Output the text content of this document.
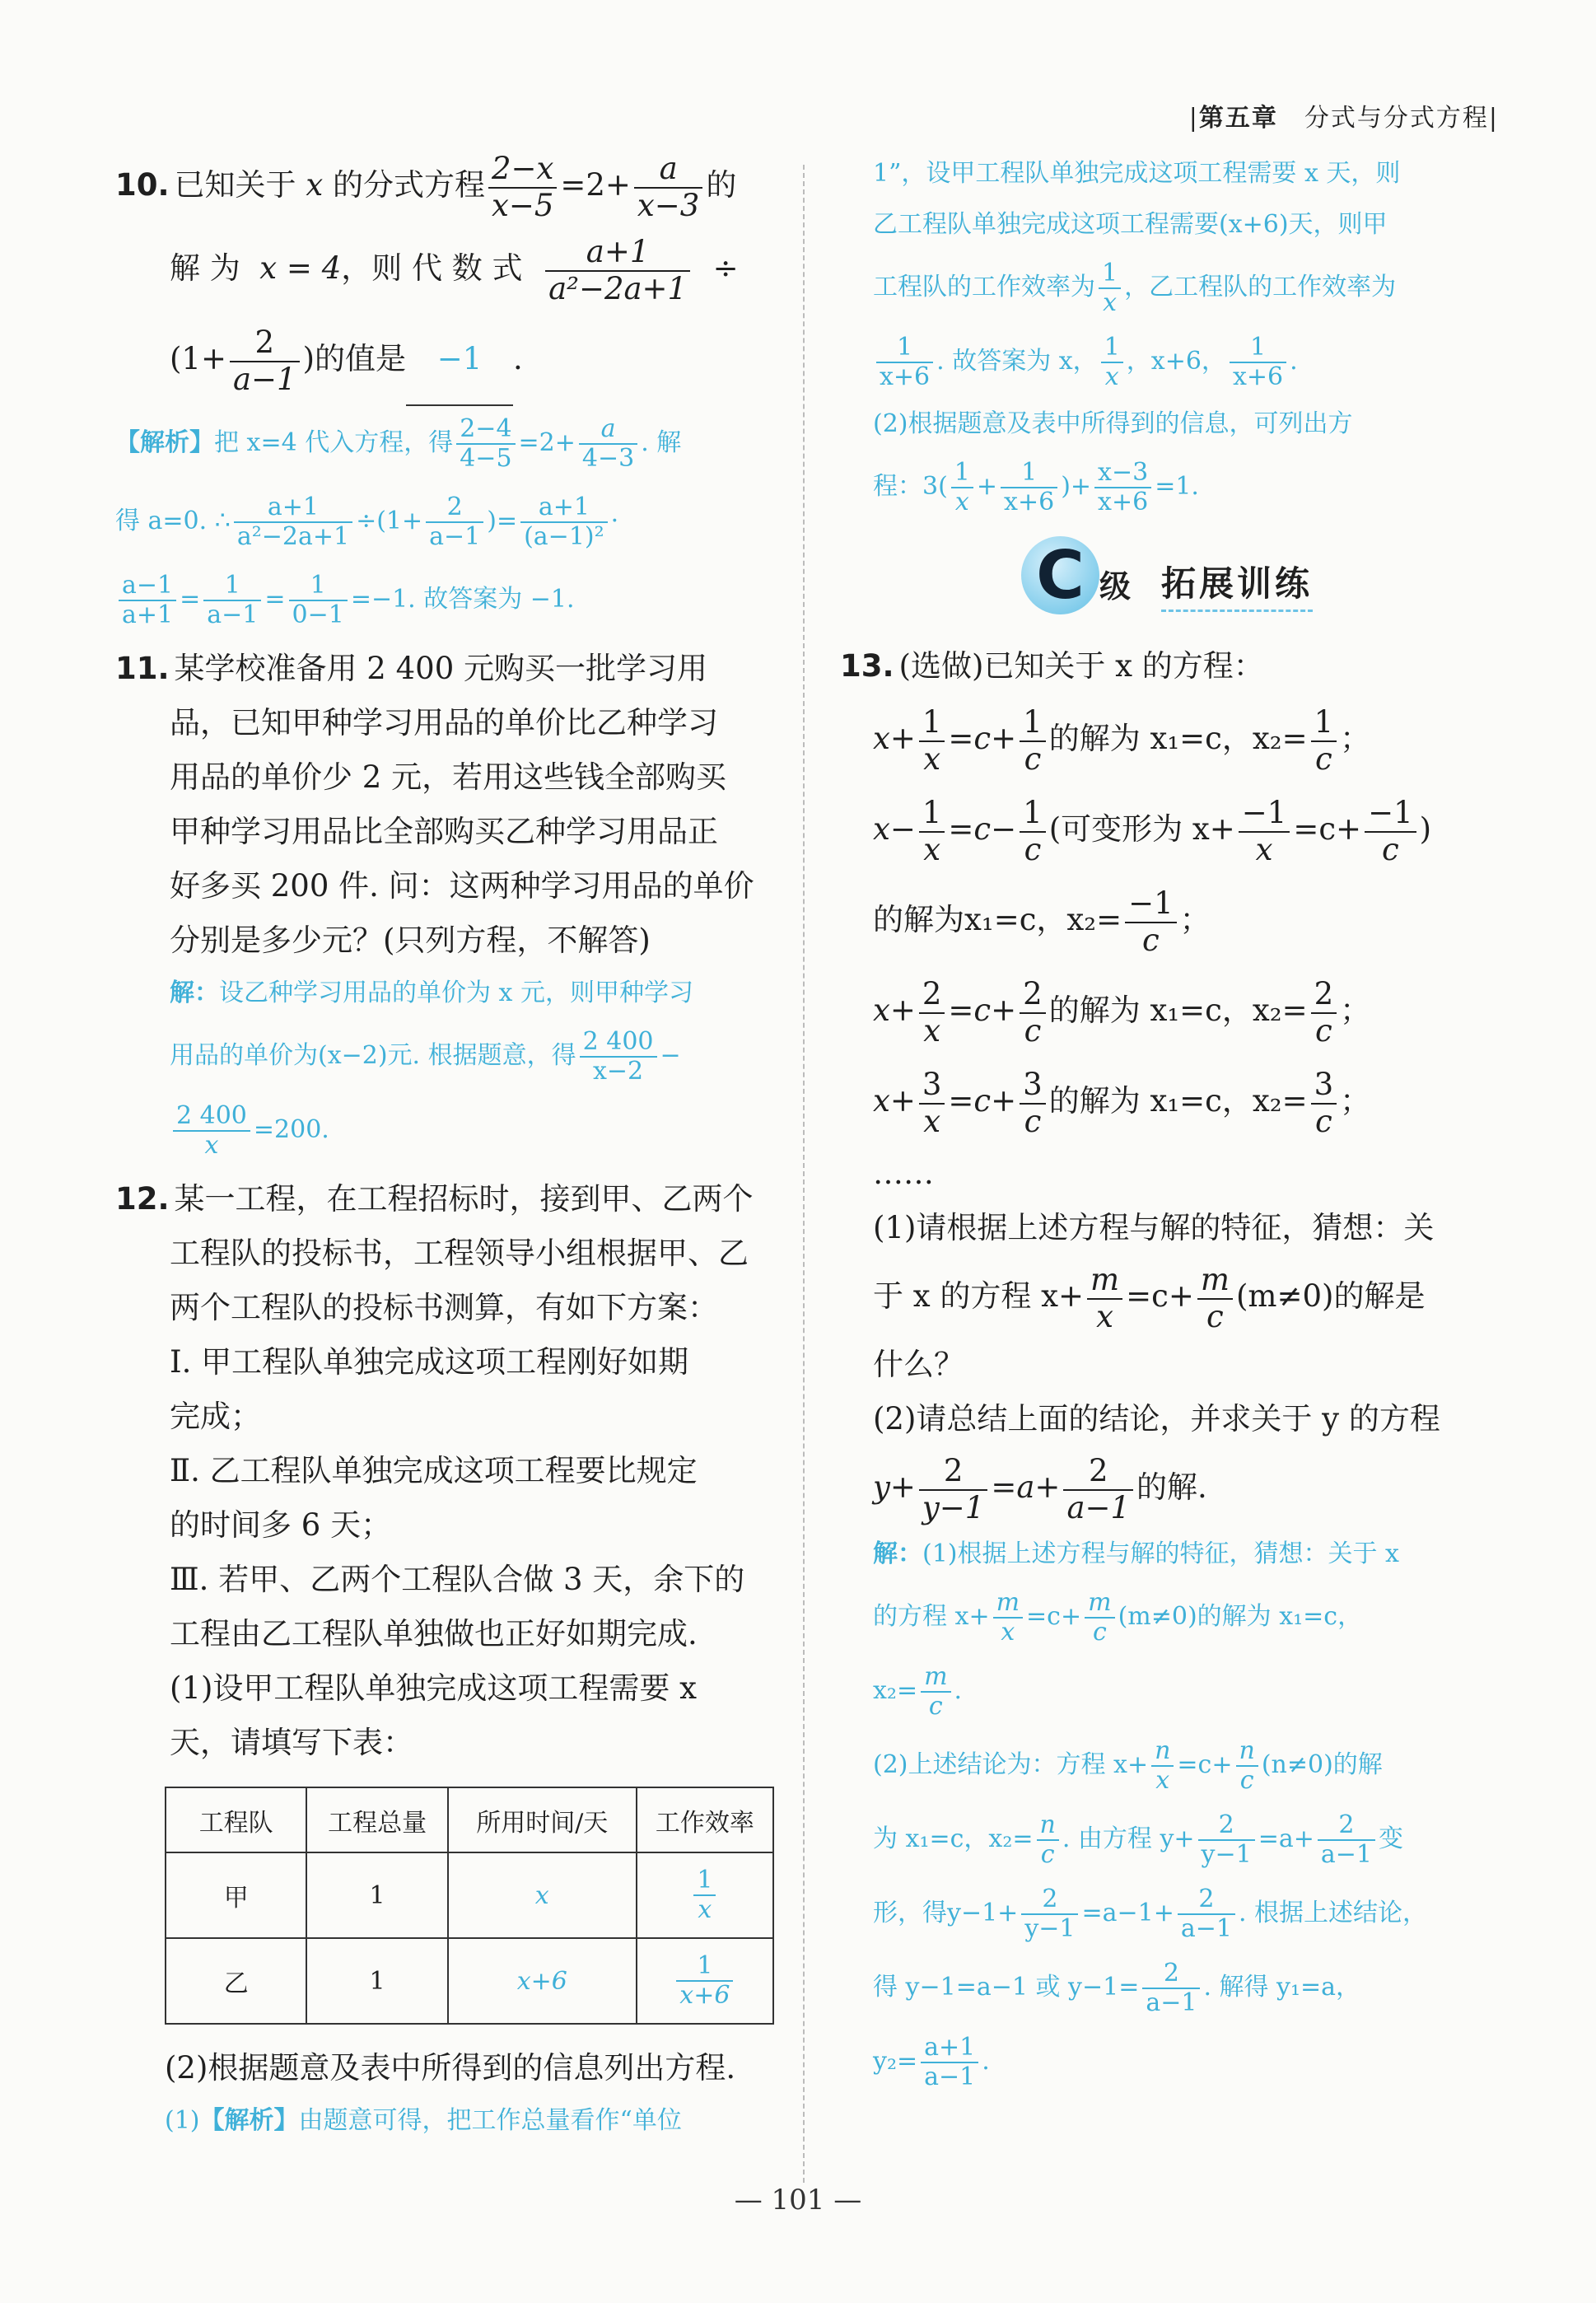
|第五章　 分式与分式方程|

10. 已知关于 x 的分式方程 $\frac{2-x}{x-5} =2+ \frac{a}{x-3}$ 的

解 为 x = 4，则 代 数 式 $\frac{a+1}{\text{a²−2a+1}}$ ÷

($1+ \frac{2}{a-1}$ )的值是 −1 .

【解析】把 x=4 代入方程，得 $\frac{2-4}{4-5} =2+ \frac{a}{4-3}$ . 解

得 a=0. ∴ $\frac{a+1}{\text{a²−2a+1}} \div(1+ \frac{2}{a-1}$ )= $\frac{a+1}{\text{(a−1)²}}$ ·

$\frac{a-1}{a+1} = \frac{1}{a-1} = \frac{1}{0-1} =-1$. 故答案为 −1.

11. 某学校准备用 2 400 元购买一批学习用

品，已知甲种学习用品的单价比乙种学习

用品的单价少 2 元，若用这些钱全部购买

甲种学习用品比全部购买乙种学习用品正

好多买 200 件. 问：这两种学习用品的单价

分别是多少元？(只列方程，不解答)

解：设乙种学习用品的单价为 x 元，则甲种学习

用品的单价为(x−2)元. 根据题意，得 $\frac{2 400}{x-2}$ −

$\frac{2 400}{x} =200$.

12. 某一工程，在工程招标时，接到甲、乙两个

工程队的投标书，工程领导小组根据甲、乙

两个工程队的投标书测算，有如下方案：

Ⅰ. 甲工程队单独完成这项工程刚好如期

完成；

Ⅱ. 乙工程队单独完成这项工程要比规定

的时间多 6 天；

Ⅲ. 若甲、乙两个工程队合做 3 天，余下的

工程由乙工程队单独做也正好如期完成.

(1)设甲工程队单独完成这项工程需要 x

天，请填写下表：

工程队	工程总量	所用时间/天	工作效率
甲	1	x	$\frac{1}{x}$

乙	1	x+6	$\frac{1}{x+6}$

(2)根据题意及表中所得到的信息列出方程.

(1)【解析】由题意可得，把工作总量看作“单位

1”，设甲工程队单独完成这项工程需要 x 天，则

乙工程队单独完成这项工程需要(x+6)天，则甲

工程队的工作效率为 $\frac{1}{x}$ ，乙工程队的工作效率为

$\frac{1}{x+6}$ . 故答案为 x， $\frac{1}{x}$ ，x+6， $\frac{1}{x+6}$ .

(2)根据题意及表中所得到的信息，可列出方

程：$3( \frac{1}{x} + \frac{1}{x+6}$ )+ $\frac{x-3}{x+6} =1$.

C 级 拓展训练

13. (选做)已知关于 x 的方程：

$x+ \frac{1}{x} =c+ \frac{1}{c}$ 的解为 x₁=c，$x_2= \frac{1}{c}$ ；

$x- \frac{1}{x} =c- \frac{1}{c}$ (可变形为 $x+ \frac{-1}{x} =c+ \frac{-1}{c}$ )

的解为x₁=c，$x_2= \frac{-1}{c}$ ；

$x+ \frac{2}{x} =c+ \frac{2}{c}$ 的解为 x₁=c，$x_2= \frac{2}{c}$ ；

$x+ \frac{3}{x} =c+ \frac{3}{c}$ 的解为 x₁=c，$x_2= \frac{3}{c}$ ；

……

(1)请根据上述方程与解的特征，猜想：关

于 x 的方程 $x+ \frac{m}{x} =c+ \frac{m}{c} (m\ne 0)$的解是

什么？

(2)请总结上面的结论，并求关于 y 的方程

$y+ \frac{2}{y-1} =a+ \frac{2}{a-1}$ 的解.

解：(1)根据上述方程与解的特征，猜想：关于 x

的方程 $x+ \frac{m}{x} =c+ \frac{m}{c} (m\ne 0)$的解为 x₁=c，

$x_2= \frac{m}{c}$ .

(2)上述结论为：方程 $x+ \frac{n}{x} =c+ \frac{n}{c} (n\ne 0)$的解

为 x₁=c，$x_2= \frac{n}{c}$ . 由方程 $y+ \frac{2}{y-1} =a+ \frac{2}{a-1}$ 变

形，得$y-1+ \frac{2}{y-1} =a-1+ \frac{2}{a-1}$ . 根据上述结论，

得 y−1=a−1 或 $y-1= \frac{2}{a-1}$ . 解得 y₁=a，

$y_2= \frac{a+1}{a-1}$ .

— 101 —
